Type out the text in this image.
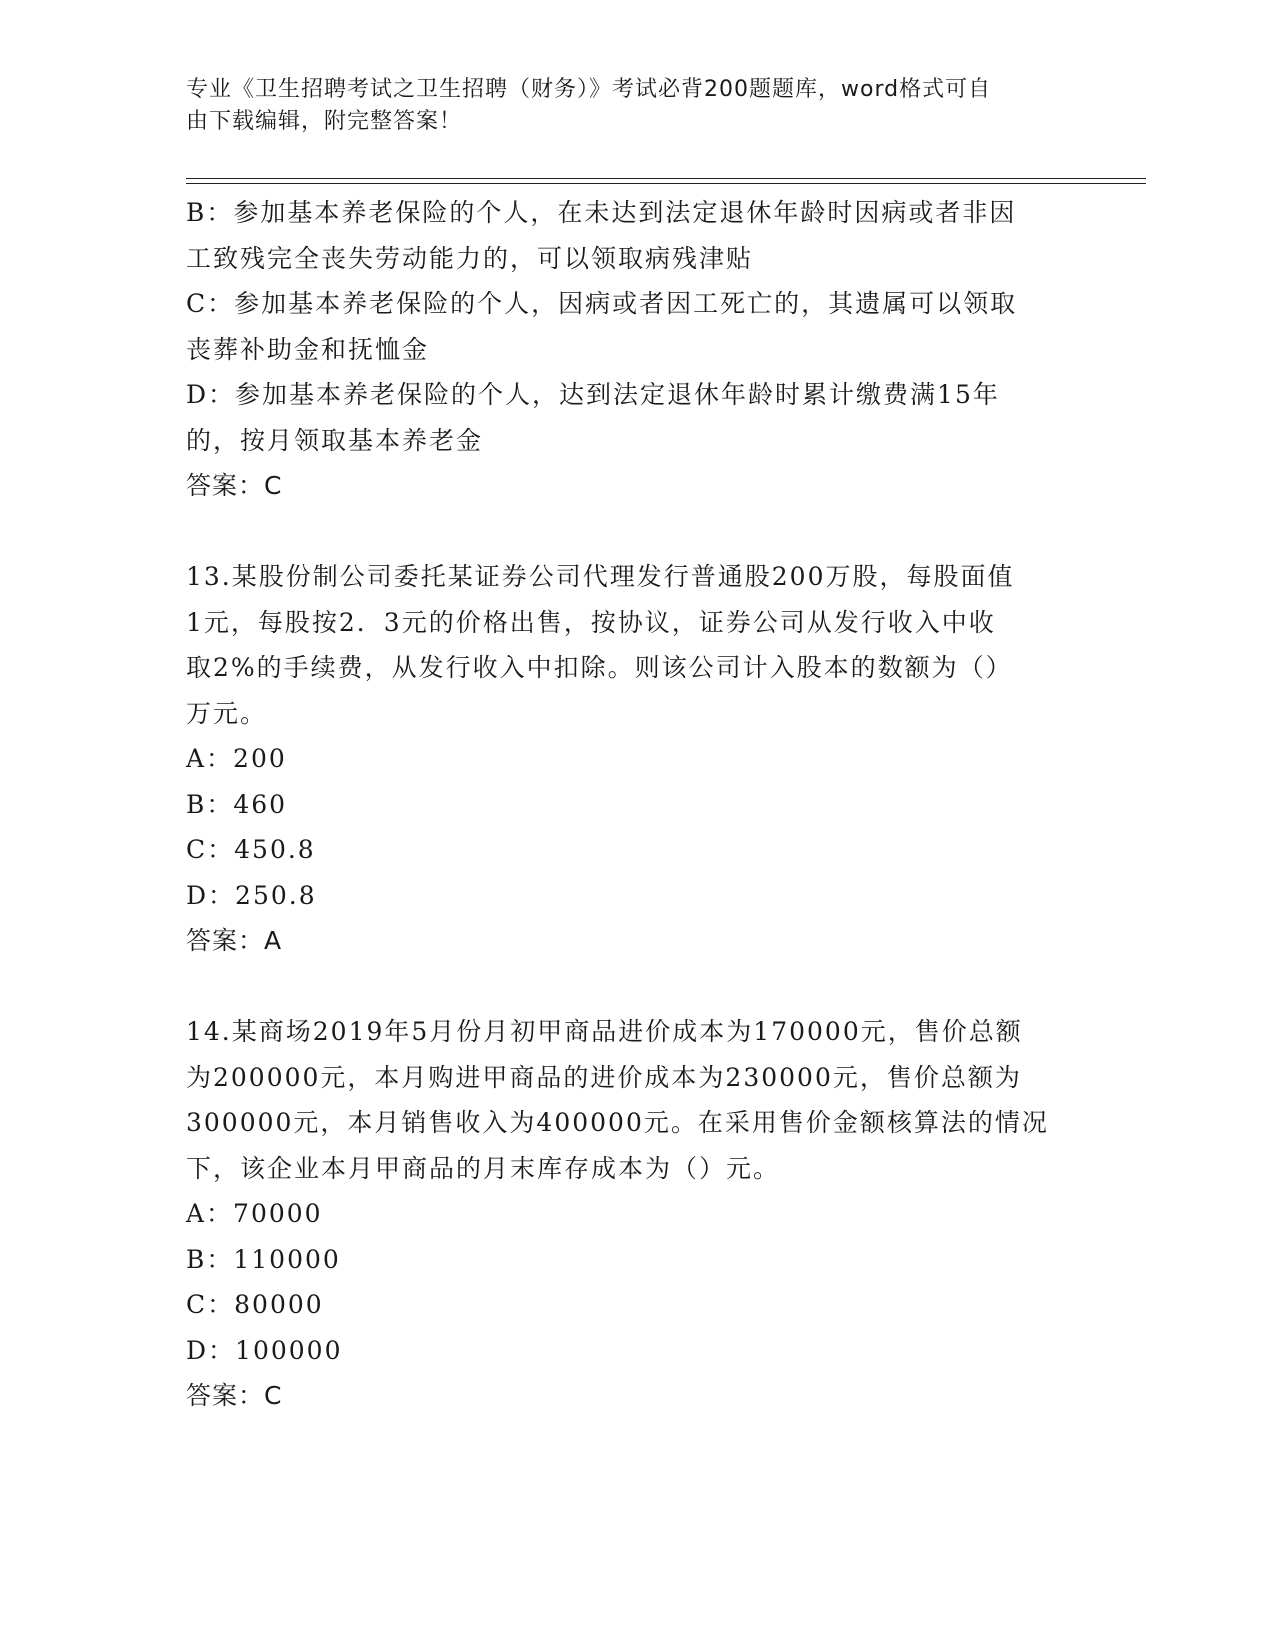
专业《卫生招聘考试之卫生招聘（财务）》考试必背200题题库，word格式可自
由下载编辑，附完整答案！
B：参加基本养老保险的个人，在未达到法定退休年龄时因病或者非因
工致残完全丧失劳动能力的，可以领取病残津贴
C：参加基本养老保险的个人，因病或者因工死亡的，其遗属可以领取
丧葬补助金和抚恤金
D：参加基本养老保险的个人，达到法定退休年龄时累计缴费满15年
的，按月领取基本养老金
答案：C
13.某股份制公司委托某证券公司代理发行普通股200万股，每股面值
1元，每股按2．3元的价格出售，按协议，证券公司从发行收入中收
取2%的手续费，从发行收入中扣除。则该公司计入股本的数额为（）
万元。
A：200
B：460
C：450.8
D：250.8
答案：A
14.某商场2019年5月份月初甲商品进价成本为170000元，售价总额
为200000元，本月购进甲商品的进价成本为230000元，售价总额为
300000元，本月销售收入为400000元。在采用售价金额核算法的情况
下，该企业本月甲商品的月末库存成本为（）元。
A：70000
B：110000
C：80000
D：100000
答案：C
